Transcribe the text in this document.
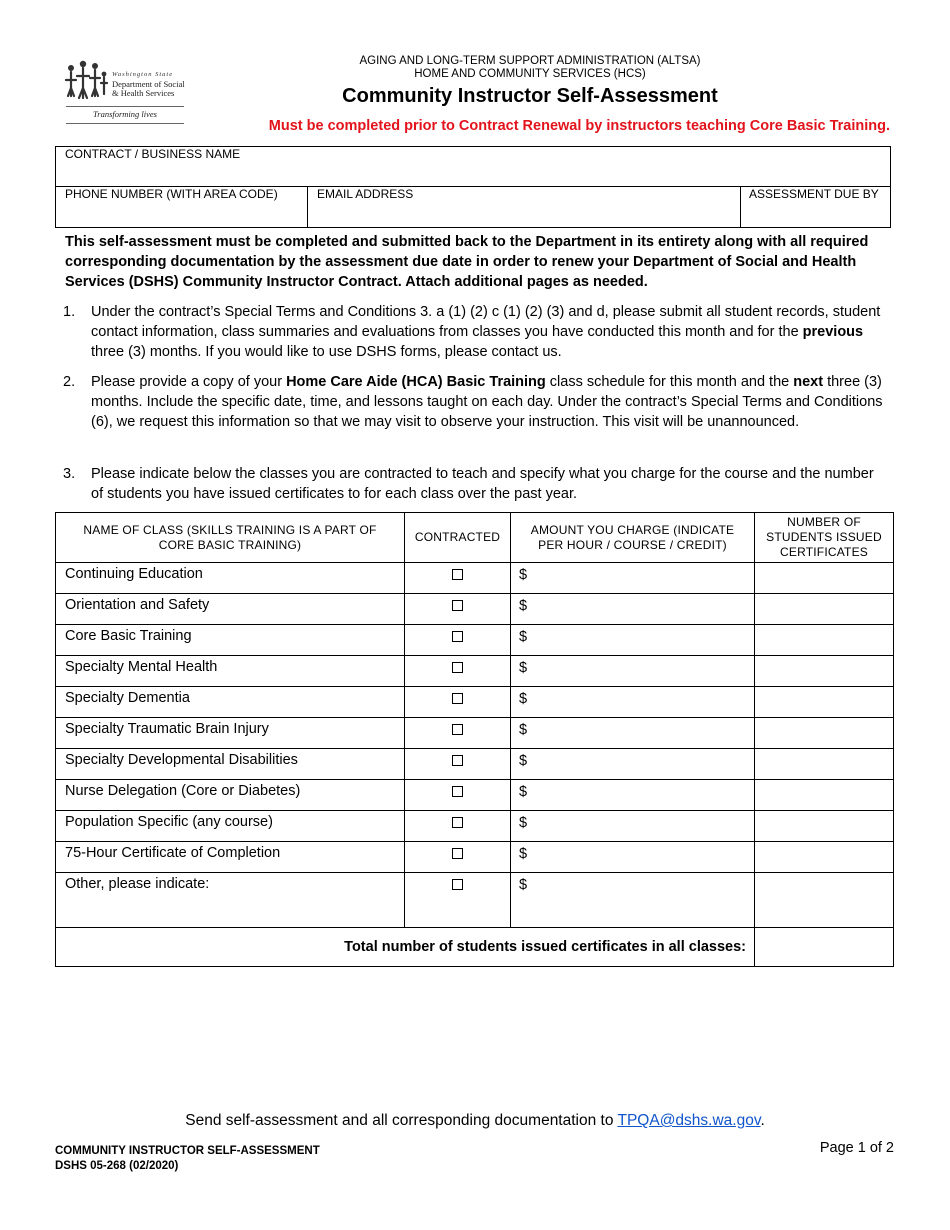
Washington State
Department of Social & Health Services
Transforming lives
AGING AND LONG-TERM SUPPORT ADMINISTRATION (ALTSA)
HOME AND COMMUNITY SERVICES (HCS)
Community Instructor Self-Assessment
Must be completed prior to Contract Renewal by instructors teaching Core Basic Training.
CONTRACT / BUSINESS NAME
PHONE NUMBER (WITH AREA CODE)	EMAIL ADDRESS	ASSESSMENT DUE BY
This self-assessment must be completed and submitted back to the Department in its entirety along with all required corresponding documentation by the assessment due date in order to renew your Department of Social and Health Services (DSHS) Community Instructor Contract. Attach additional pages as needed.
1. Under the contract’s Special Terms and Conditions 3. a (1) (2) c (1) (2) (3) and d, please submit all student records, student contact information, class summaries and evaluations from classes you have conducted this month and for the previous three (3) months. If you would like to use DSHS forms, please contact us.
2. Please provide a copy of your Home Care Aide (HCA) Basic Training class schedule for this month and the next three (3) months. Include the specific date, time, and lessons taught on each day. Under the contract’s Special Terms and Conditions (6), we request this information so that we may visit to observe your instruction. This visit will be unannounced.
3. Please indicate below the classes you are contracted to teach and specify what you charge for the course and the number of students you have issued certificates to for each class over the past year.
NAME OF CLASS (SKILLS TRAINING IS A PART OF CORE BASIC TRAINING)	CONTRACTED	AMOUNT YOU CHARGE (INDICATE PER HOUR / COURSE / CREDIT)	NUMBER OF STUDENTS ISSUED CERTIFICATES
Continuing Education		$	
Orientation and Safety		$	
Core Basic Training		$	
Specialty Mental Health		$	
Specialty Dementia		$	
Specialty Traumatic Brain Injury		$	
Specialty Developmental Disabilities		$	
Nurse Delegation (Core or Diabetes)		$	
Population Specific (any course)		$	
75-Hour Certificate of Completion		$	
Other, please indicate:		$	
Total number of students issued certificates in all classes:			
Send self-assessment and all corresponding documentation to TPQA@dshs.wa.gov.
COMMUNITY INSTRUCTOR SELF-ASSESSMENT
DSHS 05-268 (02/2020)
Page 1 of 2
